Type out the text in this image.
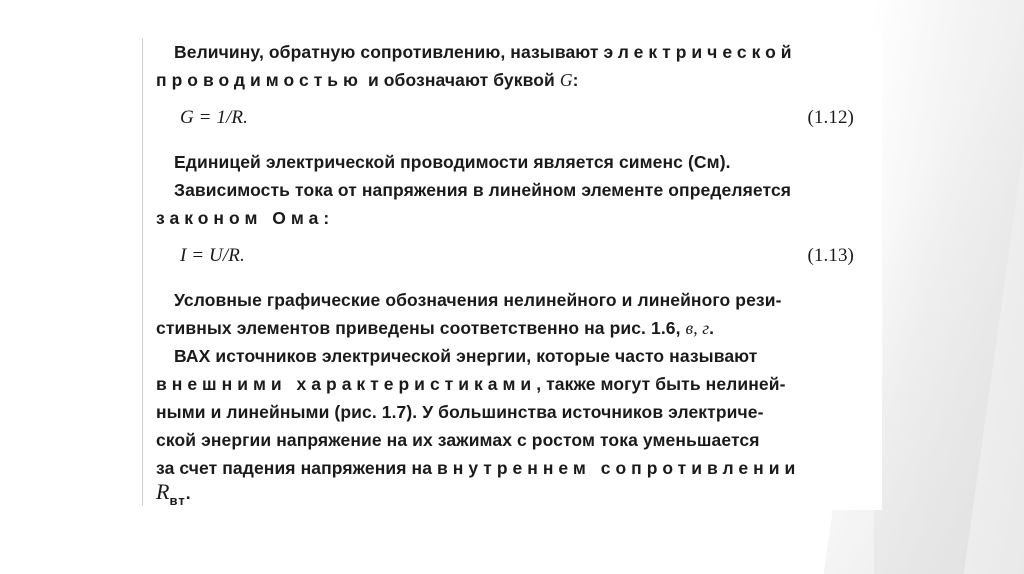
Величину, обратную сопротивлению, называют электрической
проводимостью и обозначают буквой G:
G = 1/R.	(1.12)
Единицей электрической проводимости является сименс (См).
Зависимость тока от напряжения в линейном элементе определяется
законом Ома:
I = U/R.	(1.13)
Условные графические обозначения нелинейного и линейного рези-
стивных элементов приведены соответственно на рис. 1.6, в, г.
ВАХ источников электрической энергии, которые часто называют
внешними характеристиками, также могут быть нелиней-
ными и линейными (рис. 1.7). У большинства источников электриче-
ской энергии напряжение на их зажимах с ростом тока уменьшается
за счет падения напряжения на внутреннем сопротивлении
$R_{вт}$.
